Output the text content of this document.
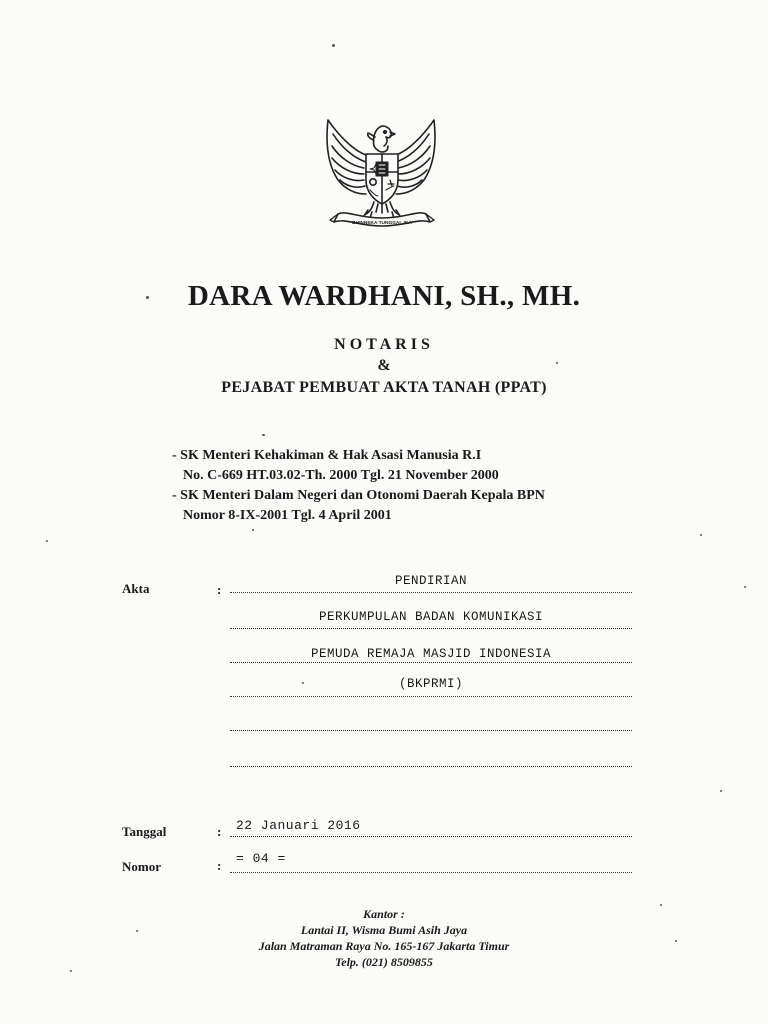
BHINNEKA TUNGGAL IKA
DARA WARDHANI, SH., MH.
NOTARIS
&
PEJABAT PEMBUAT AKTA TANAH (PPAT)
- SK Menteri Kehakiman & Hak Asasi Manusia R.I
No. C-669 HT.03.02-Th. 2000 Tgl. 21 November 2000
- SK Menteri Dalam Negeri dan Otonomi Daerah Kepala BPN
Nomor 8-IX-2001 Tgl. 4 April 2001
Akta	:
PENDIRIAN
PERKUMPULAN BADAN KOMUNIKASI
PEMUDA REMAJA MASJID INDONESIA
(BKPRMI)
Tanggal	: 22 Januari 2016
Nomor	: = 04 =
Kantor :
Lantai II, Wisma Bumi Asih Jaya
Jalan Matraman Raya No. 165-167 Jakarta Timur
Telp. (021) 8509855
